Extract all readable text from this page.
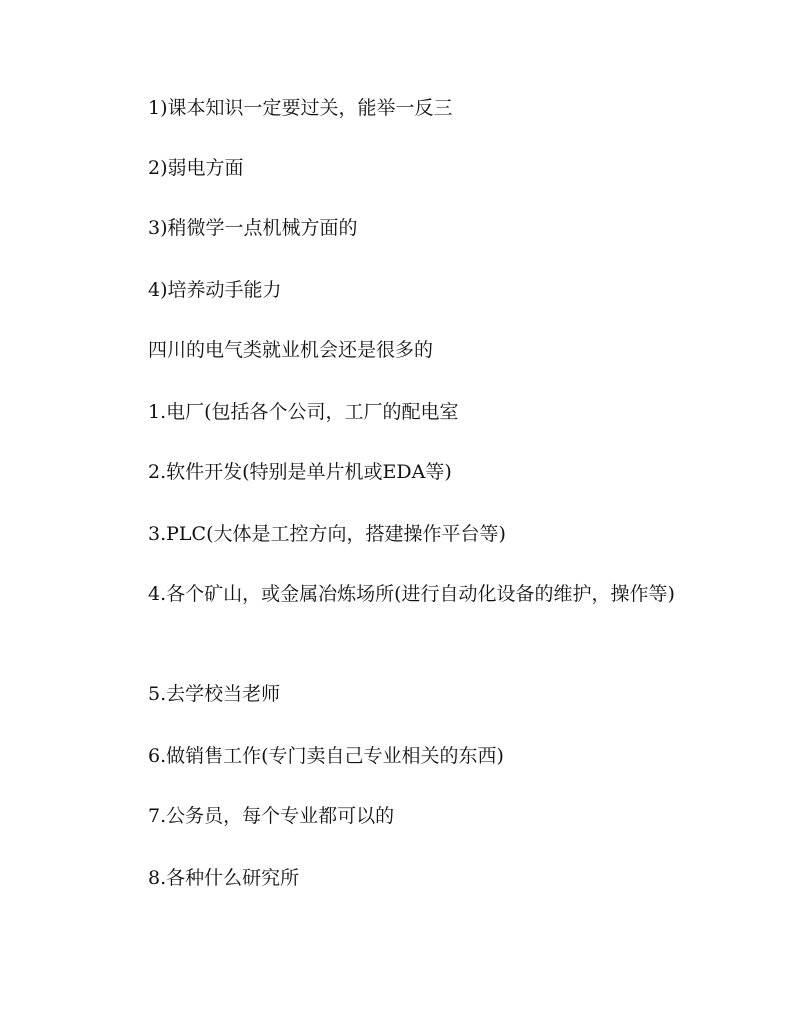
1)课本知识一定要过关，能举一反三

2)弱电方面

3)稍微学一点机械方面的

4)培养动手能力

四川的电气类就业机会还是很多的

1.电厂(包括各个公司，工厂的配电室

2.软件开发(特别是单片机或EDA等)

3.PLC(大体是工控方向，搭建操作平台等)

4.各个矿山，或金属冶炼场所(进行自动化设备的维护，操作等)

5.去学校当老师

6.做销售工作(专门卖自己专业相关的东西)

7.公务员，每个专业都可以的

8.各种什么研究所
